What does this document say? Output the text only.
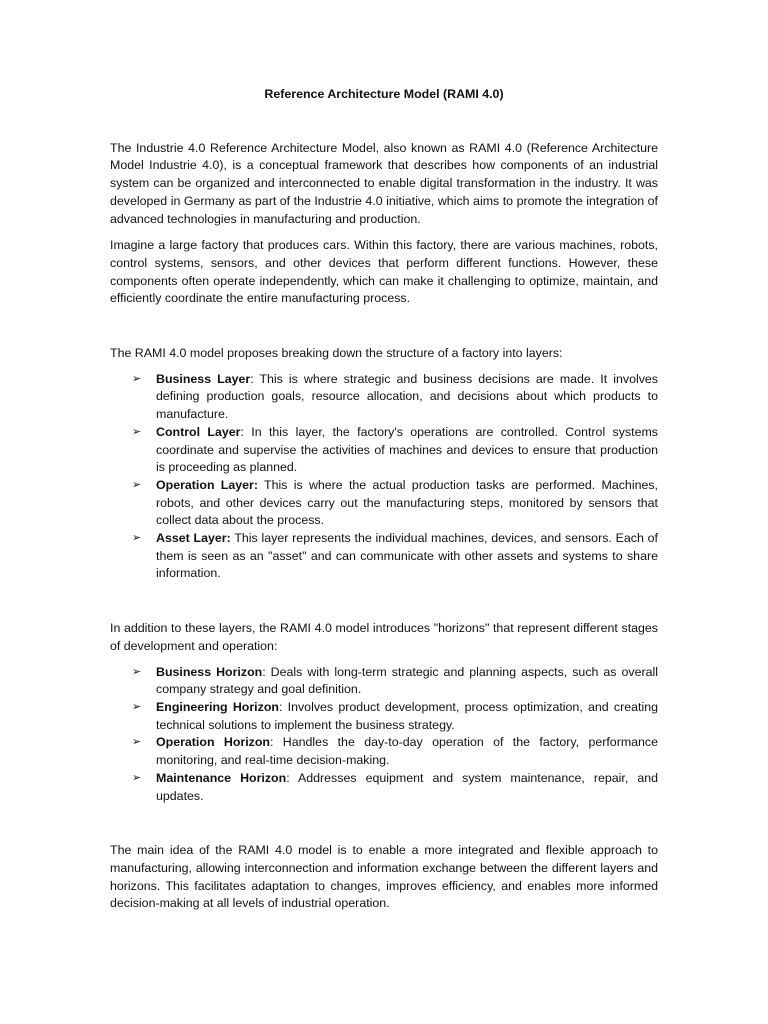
Reference Architecture Model (RAMI 4.0)

The Industrie 4.0 Reference Architecture Model, also known as RAMI 4.0 (Reference Architecture Model Industrie 4.0), is a conceptual framework that describes how components of an industrial system can be organized and interconnected to enable digital transformation in the industry. It was developed in Germany as part of the Industrie 4.0 initiative, which aims to promote the integration of advanced technologies in manufacturing and production.

Imagine a large factory that produces cars. Within this factory, there are various machines, robots, control systems, sensors, and other devices that perform different functions. However, these components often operate independently, which can make it challenging to optimize, maintain, and efficiently coordinate the entire manufacturing process.

The RAMI 4.0 model proposes breaking down the structure of a factory into layers:

➢	Business Layer: This is where strategic and business decisions are made. It involves defining production goals, resource allocation, and decisions about which products to manufacture.
➢	Control Layer: In this layer, the factory's operations are controlled. Control systems coordinate and supervise the activities of machines and devices to ensure that production is proceeding as planned.
➢	Operation Layer: This is where the actual production tasks are performed. Machines, robots, and other devices carry out the manufacturing steps, monitored by sensors that collect data about the process.
➢	Asset Layer: This layer represents the individual machines, devices, and sensors. Each of them is seen as an "asset" and can communicate with other assets and systems to share information.

In addition to these layers, the RAMI 4.0 model introduces "horizons" that represent different stages of development and operation:

➢	Business Horizon: Deals with long-term strategic and planning aspects, such as overall company strategy and goal definition.
➢	Engineering Horizon: Involves product development, process optimization, and creating technical solutions to implement the business strategy.
➢	Operation Horizon: Handles the day-to-day operation of the factory, performance monitoring, and real-time decision-making.
➢	Maintenance Horizon: Addresses equipment and system maintenance, repair, and updates.

The main idea of the RAMI 4.0 model is to enable a more integrated and flexible approach to manufacturing, allowing interconnection and information exchange between the different layers and horizons. This facilitates adaptation to changes, improves efficiency, and enables more informed decision-making at all levels of industrial operation.
